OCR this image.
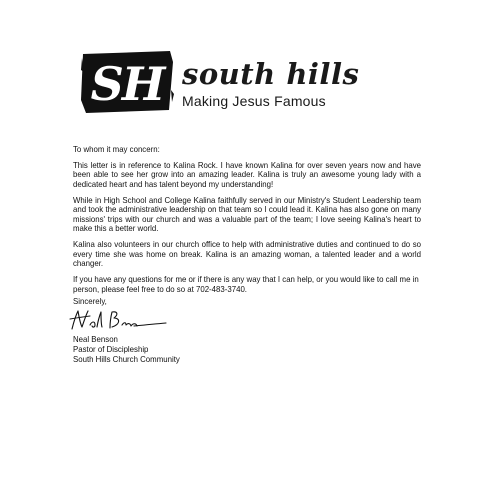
SH south hills
Making Jesus Famous

To whom it may concern:

This letter is in reference to Kalina Rock. I have known Kalina for over seven years now and have been able to see her grow into an amazing leader. Kalina is truly an awesome young lady with a dedicated heart and has talent beyond my understanding!

While in High School and College Kalina faithfully served in our Ministry's Student Leadership team and took the administrative leadership on that team so I could lead it. Kalina has also gone on many missions' trips with our church and was a valuable part of the team; I love seeing Kalina's heart to make this a better world.

Kalina also volunteers in our church office to help with administrative duties and continued to do so every time she was home on break. Kalina is an amazing woman, a talented leader and a world changer.

If you have any questions for me or if there is any way that I can help, or you would like to call me in person, please feel free to do so at 702-483-3740.

Sincerely,
Neal Benson
Pastor of Discipleship
South Hills Church Community
